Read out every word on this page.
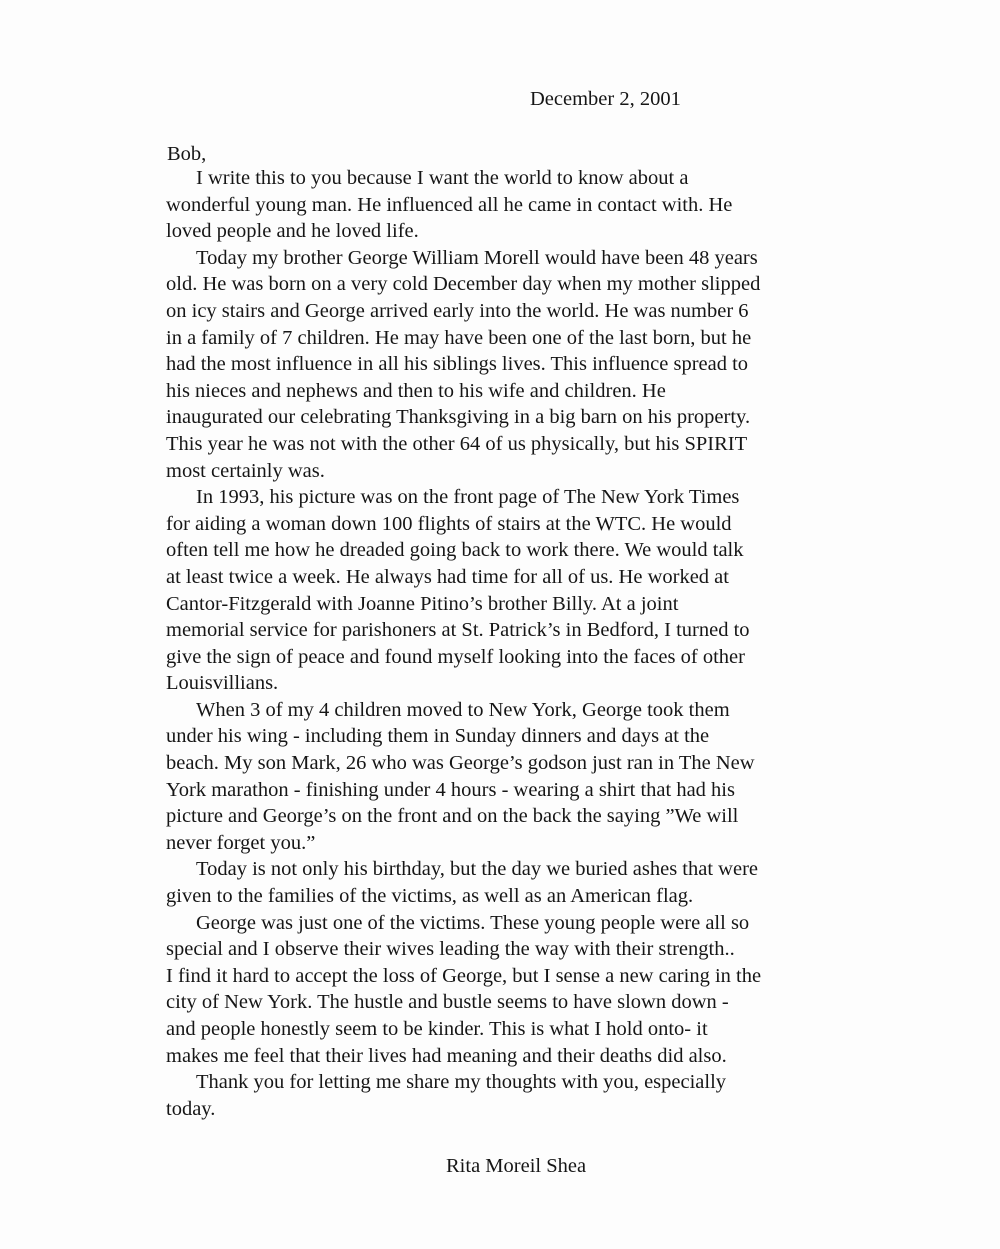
December 2, 2001
Bob,

I write this to you because I want the world to know about a
wonderful young man. He influenced all he came in contact with. He
loved people and he loved life.

Today my brother George William Morell would have been 48 years
old. He was born on a very cold December day when my mother slipped
on icy stairs and George arrived early into the world. He was number 6
in a family of 7 children. He may have been one of the last born, but he
had the most influence in all his siblings lives. This influence spread to
his nieces and nephews and then to his wife and children. He
inaugurated our celebrating Thanksgiving in a big barn on his property.
This year he was not with the other 64 of us physically, but his SPIRIT
most certainly was.

In 1993, his picture was on the front page of The New York Times
for aiding a woman down 100 flights of stairs at the WTC. He would
often tell me how he dreaded going back to work there. We would talk
at least twice a week. He always had time for all of us. He worked at
Cantor-Fitzgerald with Joanne Pitino’s brother Billy. At a joint
memorial service for parishoners at St. Patrick’s in Bedford, I turned to
give the sign of peace and found myself looking into the faces of other
Louisvillians.

When 3 of my 4 children moved to New York, George took them
under his wing - including them in Sunday dinners and days at the
beach. My son Mark, 26 who was George’s godson just ran in The New
York marathon - finishing under 4 hours - wearing a shirt that had his
picture and George’s on the front and on the back the saying ”We will
never forget you.”

Today is not only his birthday, but the day we buried ashes that were
given to the families of the victims, as well as an American flag.

George was just one of the victims. These young people were all so
special and I observe their wives leading the way with their strength..
I find it hard to accept the loss of George, but I sense a new caring in the
city of New York. The hustle and bustle seems to have slown down -
and people honestly seem to be kinder. This is what I hold onto- it
makes me feel that their lives had meaning and their deaths did also.

Thank you for letting me share my thoughts with you, especially
today.

Rita Moreil Shea
